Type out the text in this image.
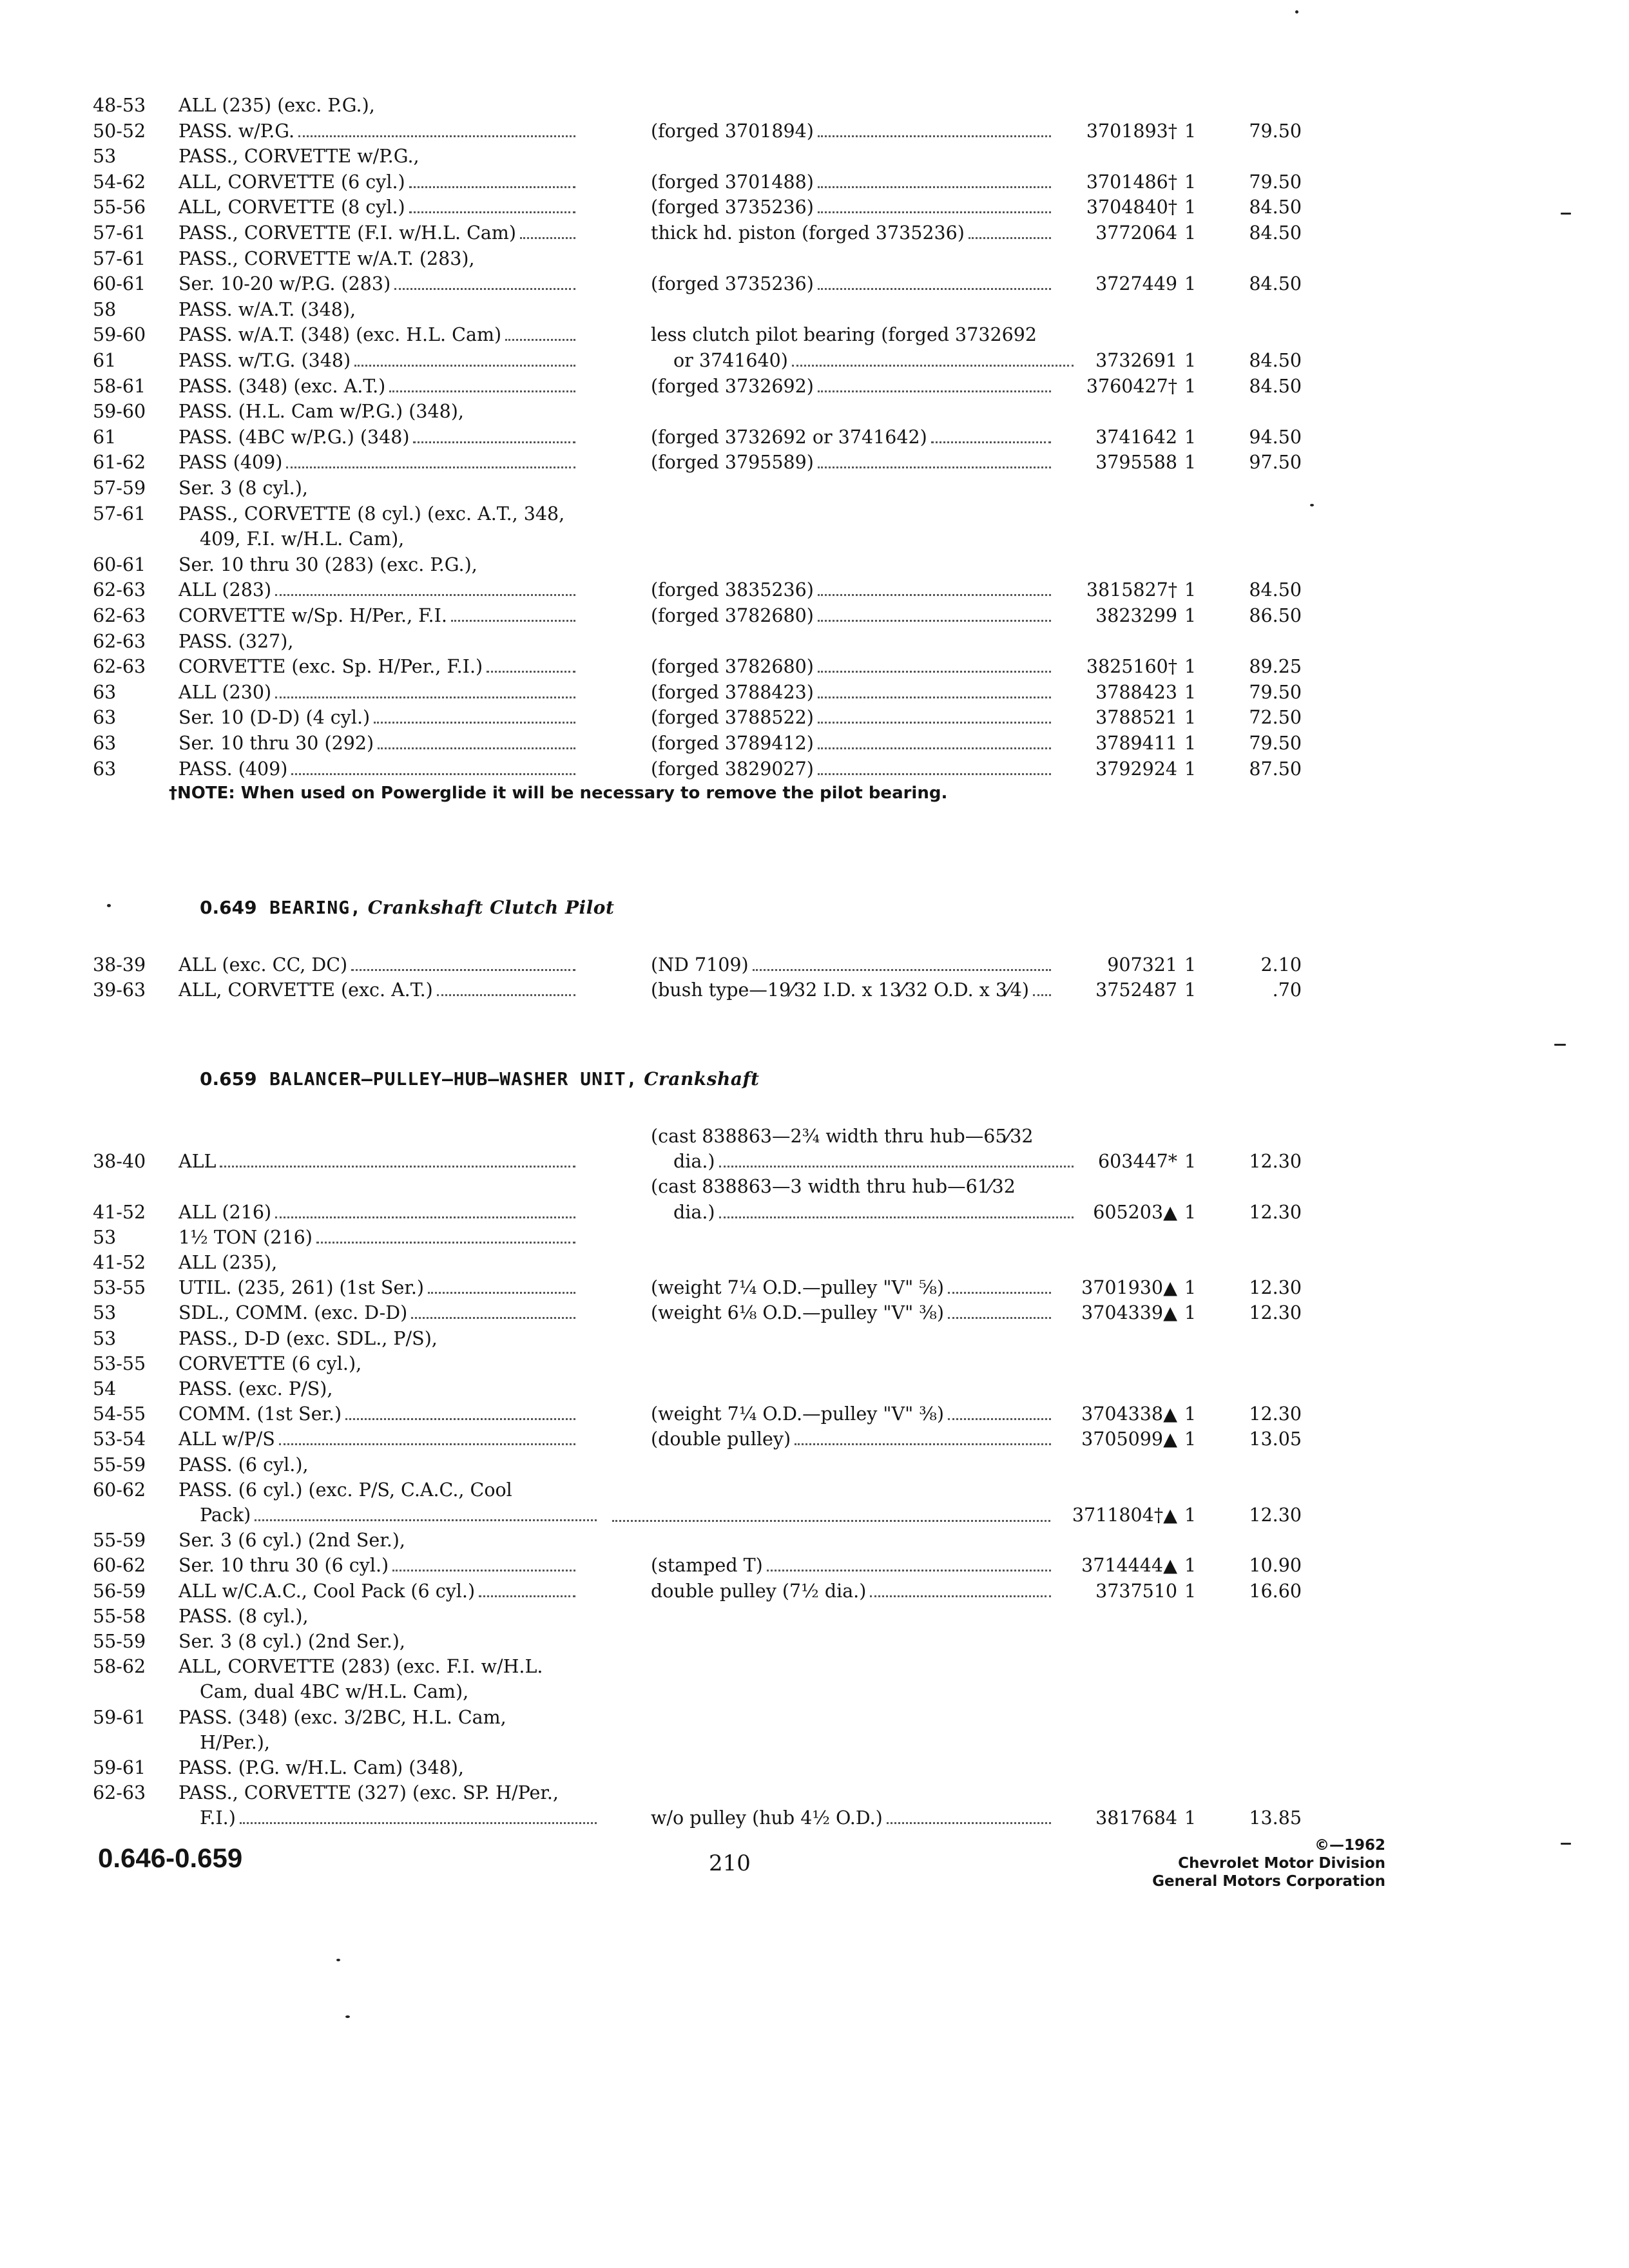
48-53 ALL (235) (exc. P.G.),
50-52 PASS. w/P.G.	(forged 3701894)	3701893† 1	79.50
53	PASS., CORVETTE w/P.G.,
54-62 ALL, CORVETTE (6 cyl.)	(forged 3701488)	3701486† 1	79.50
55-56 ALL, CORVETTE (8 cyl.)	(forged 3735236)	3704840† 1	84.50
57-61 PASS., CORVETTE (F.I. w/H.L. Cam)	thick hd. piston (forged 3735236)	3772064 1	84.50
57-61 PASS., CORVETTE w/A.T. (283),
60-61 Ser. 10-20 w/P.G. (283)	(forged 3735236)	3727449 1	84.50
58	PASS. w/A.T. (348),
59-60 PASS. w/A.T. (348) (exc. H.L. Cam)	less clutch pilot bearing (forged 3732692
61	PASS. w/T.G. (348)	or 3741640)	3732691 1	84.50
58-61 PASS. (348) (exc. A.T.)	(forged 3732692)	3760427† 1	84.50
59-60 PASS. (H.L. Cam w/P.G.) (348),
61	PASS. (4BC w/P.G.) (348)	(forged 3732692 or 3741642)	3741642 1	94.50
61-62 PASS (409)	(forged 3795589)	3795588 1	97.50
57-59 Ser. 3 (8 cyl.),
57-61 PASS., CORVETTE (8 cyl.) (exc. A.T., 348,
409, F.I. w/H.L. Cam),
60-61 Ser. 10 thru 30 (283) (exc. P.G.),
62-63 ALL (283)	(forged 3835236)	3815827† 1	84.50
62-63 CORVETTE w/Sp. H/Per., F.I.	(forged 3782680)	3823299 1	86.50
62-63 PASS. (327),
62-63 CORVETTE (exc. Sp. H/Per., F.I.)	(forged 3782680)	3825160† 1	89.25
63	ALL (230)	(forged 3788423)	3788423 1	79.50
63	Ser. 10 (D-D) (4 cyl.)	(forged 3788522)	3788521 1	72.50
63	Ser. 10 thru 30 (292)	(forged 3789412)	3789411 1	79.50
63	PASS. (409)	(forged 3829027)	3792924 1	87.50
†NOTE: When used on Powerglide it will be necessary to remove the pilot bearing.
0.649 BEARING, Crankshaft Clutch Pilot
38-39 ALL (exc. CC, DC)	(ND 7109)	907321 1	2.10
39-63 ALL, CORVETTE (exc. A.T.)	(bush type—19⁄32 I.D. x 13⁄32 O.D. x 3⁄4)	3752487 1	.70
0.659 BALANCER—PULLEY—HUB—WASHER UNIT, Crankshaft
(cast 838863—2¾ width thru hub—65⁄32
38-40 ALL	dia.)	603447* 1	12.30
(cast 838863—3 width thru hub—61⁄32
41-52 ALL (216)	dia.)	605203▲ 1	12.30
53	1½ TON (216)
41-52 ALL (235),
53-55 UTIL. (235, 261) (1st Ser.)	(weight 7¼ O.D.—pulley "V" ⅝)	3701930▲ 1	12.30
53	SDL., COMM. (exc. D-D)	(weight 6⅛ O.D.—pulley "V" ⅜)	3704339▲ 1	12.30
53	PASS., D-D (exc. SDL., P/S),
53-55 CORVETTE (6 cyl.),
54	PASS. (exc. P/S),
54-55 COMM. (1st Ser.)	(weight 7¼ O.D.—pulley "V" ⅜)	3704338▲ 1	12.30
53-54 ALL w/P/S	(double pulley)	3705099▲ 1	13.05
55-59 PASS. (6 cyl.),
60-62 PASS. (6 cyl.) (exc. P/S, C.A.C., Cool
Pack)	3711804†▲ 1	12.30
55-59 Ser. 3 (6 cyl.) (2nd Ser.),
60-62 Ser. 10 thru 30 (6 cyl.)	(stamped T)	3714444▲ 1	10.90
56-59 ALL w/C.A.C., Cool Pack (6 cyl.)	double pulley (7½ dia.)	3737510 1	16.60
55-58 PASS. (8 cyl.),
55-59 Ser. 3 (8 cyl.) (2nd Ser.),
58-62 ALL, CORVETTE (283) (exc. F.I. w/H.L.
Cam, dual 4BC w/H.L. Cam),
59-61 PASS. (348) (exc. 3/2BC, H.L. Cam,
H/Per.),
59-61 PASS. (P.G. w/H.L. Cam) (348),
62-63 PASS., CORVETTE (327) (exc. SP. H/Per.,
F.I.)	w/o pulley (hub 4½ O.D.)	3817684 1	13.85
0.646-0.659	210
©—1962
Chevrolet Motor Division
General Motors Corporation
